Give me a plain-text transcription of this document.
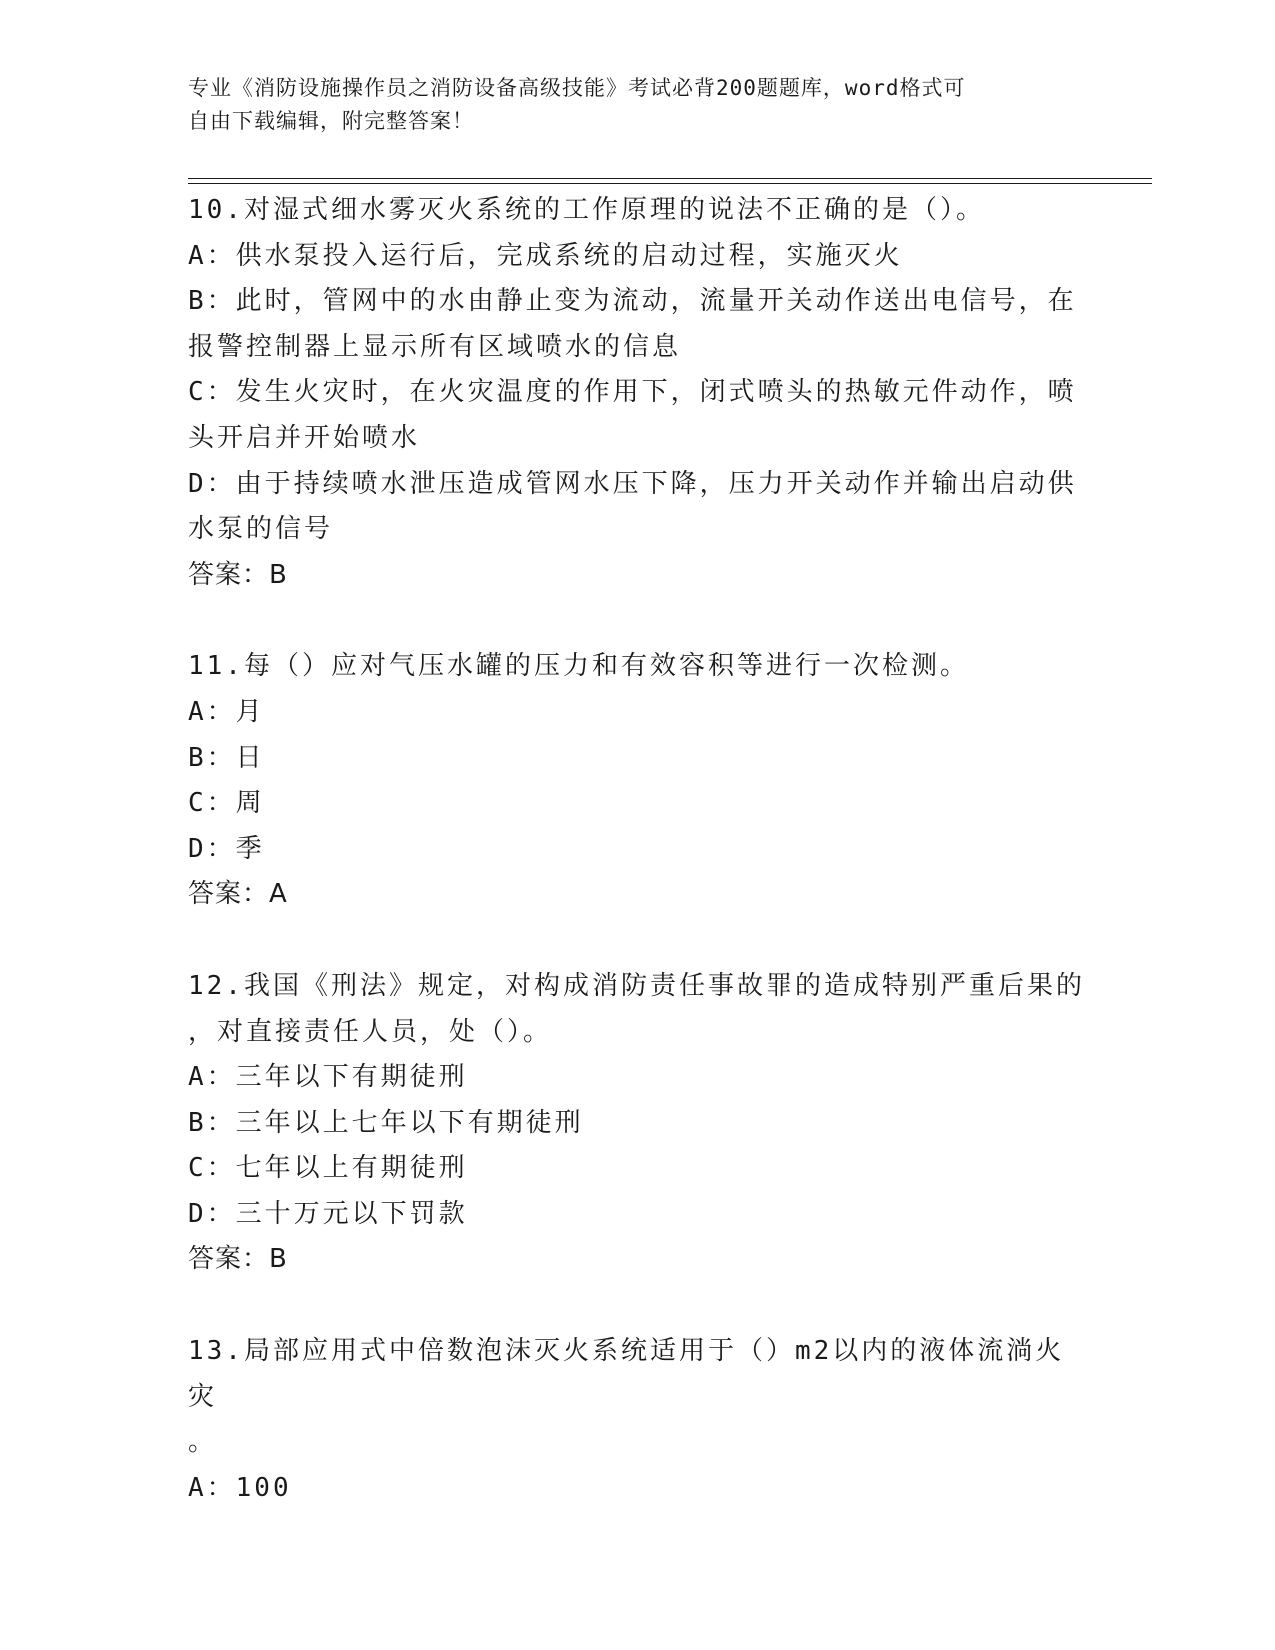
专业《消防设施操作员之消防设备高级技能》考试必背200题题库，word格式可
自由下载编辑，附完整答案！
10.对湿式细水雾灭火系统的工作原理的说法不正确的是（）。
A：供水泵投入运行后，完成系统的启动过程，实施灭火
B：此时，管网中的水由静止变为流动，流量开关动作送出电信号，在
报警控制器上显示所有区域喷水的信息
C：发生火灾时，在火灾温度的作用下，闭式喷头的热敏元件动作，喷
头开启并开始喷水
D：由于持续喷水泄压造成管网水压下降，压力开关动作并输出启动供
水泵的信号
答案：B
11.每（）应对气压水罐的压力和有效容积等进行一次检测。
A：月
B：日
C：周
D：季
答案：A
12.我国《刑法》规定，对构成消防责任事故罪的造成特别严重后果的
，对直接责任人员，处（）。
A：三年以下有期徒刑
B：三年以上七年以下有期徒刑
C：七年以上有期徒刑
D：三十万元以下罚款
答案：B
13.局部应用式中倍数泡沫灭火系统适用于（）m2以内的液体流淌火灾
。
A：100
